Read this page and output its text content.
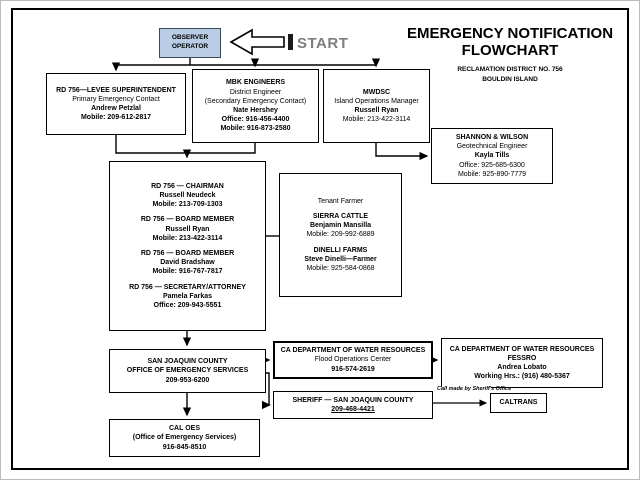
START
EMERGENCY NOTIFICATION
FLOWCHART
RECLAMATION DISTRICT NO. 756
BOULDIN ISLAND
OBSERVER
OPERATOR
RD 756—LEVEE SUPERINTENDENT
Primary Emergency Contact
Andrew Petzlal
Mobile: 209-612-2817
MBK ENGINEERS
District Engineer
(Secondary Emergency Contact)
Nate Hershey
Office: 916-456-4400
Mobile: 916-873-2580
MWDSC
Island Operations Manager
Russell Ryan
Mobile: 213-422-3114
SHANNON & WILSON
Geotechnical Engineer
Kayla Tills
Office: 925-685-6300
Mobile: 925-890-7779
RD 756 — CHAIRMAN
Russell Neudeck
Mobile: 213-709-1303
RD 756 — BOARD MEMBER
Russell Ryan
Mobile: 213-422-3114
RD 756 — BOARD MEMBER
David Bradshaw
Mobile: 916-767-7817
RD 756 — SECRETARY/ATTORNEY
Pamela Farkas
Office: 209-943-5551
Tenant Farmer
SIERRA CATTLE
Benjamin Mansilla
Mobile: 209-992-6889
DINELLI FARMS
Steve Dinelli—Farmer
Mobile: 925-584-0868
SAN JOAQUIN COUNTY
OFFICE OF EMERGENCY SERVICES
209-953-6200
CA DEPARTMENT OF WATER RESOURCES
Flood Operations Center
916-574-2619
CA DEPARTMENT OF WATER RESOURCES
FESSRO
Andrea Lobato
Working Hrs.: (916) 480-5367
SHERIFF — SAN JOAQUIN COUNTY
209-468-4421
CALTRANS
CAL OES
(Office of Emergency Services)
916-845-8510
Call made by Sheriff's Office
